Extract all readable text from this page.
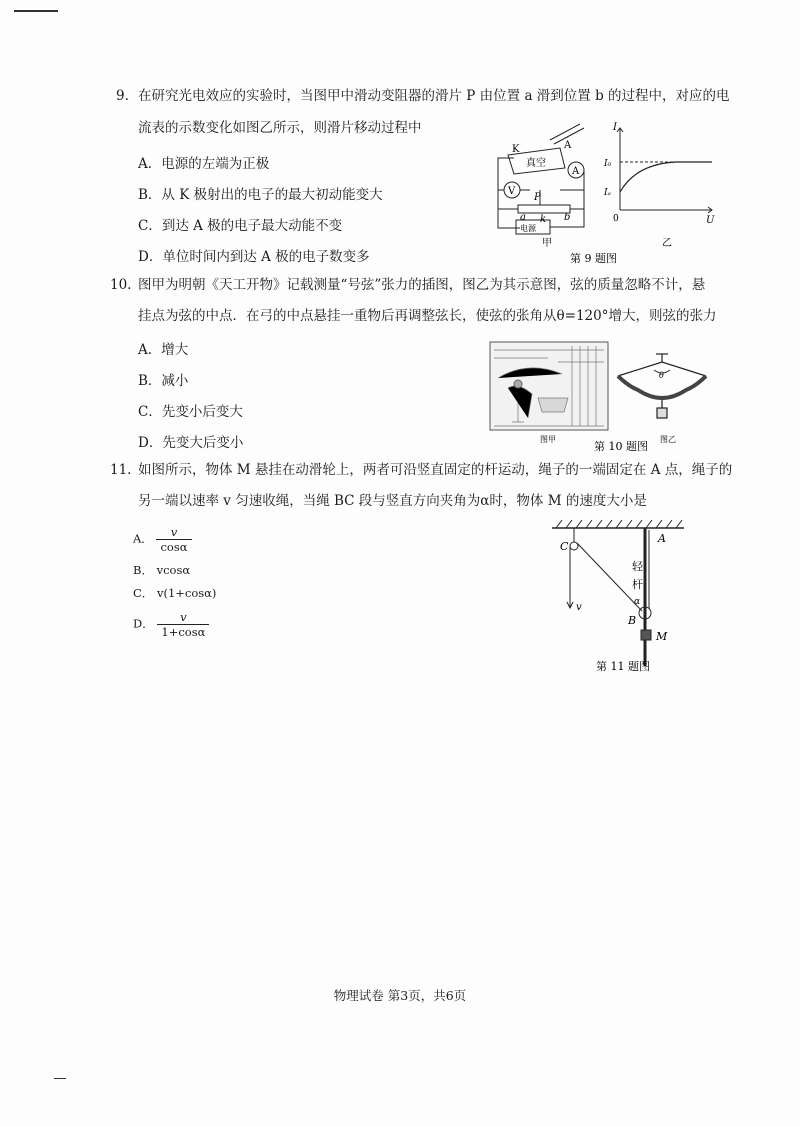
9. 在研究光电效应的实验时，当图甲中滑动变阻器的滑片 P 由位置 a 滑到位置 b 的过程中，对应的电
流表的示数变化如图乙所示，则滑片移动过程中
A．电源的左端为正极
B．从 K 极射出的电子的最大初动能变大
C．到达 A 极的电子最大动能不变
D．单位时间内到达 A 极的电子数变多
K	A
真空
A
V
P
a k b
电源
I
I₀
Iₐ
0	U
甲	乙
第 9 题图
10. 图甲为明朝《天工开物》记载测量“号弦”张力的插图，图乙为其示意图，弦的质量忽略不计，悬
挂点为弦的中点．在弓的中点悬挂一重物后再调整弦长，使弦的张角从θ=120°增大，则弦的张力
A．增大
B．减小
C．先变小后变大
D．先变大后变小
θ
图甲
第 10 题图
图乙
11. 如图所示，物体 M 悬挂在动滑轮上，两者可沿竖直固定的杆运动，绳子的一端固定在 A 点，绳子的
另一端以速率 v 匀速收绳，当绳 BC 段与竖直方向夹角为α时，物体 M 的速度大小是
A． $\frac{v}{\cos\alpha}$
B． vcosα
C． v(1+cosα)
D． $\frac{v}{1+\cos\alpha}$
C
A
轻
杆
α
B
M
v
第 11 题图
物理试卷 第3页，共6页
